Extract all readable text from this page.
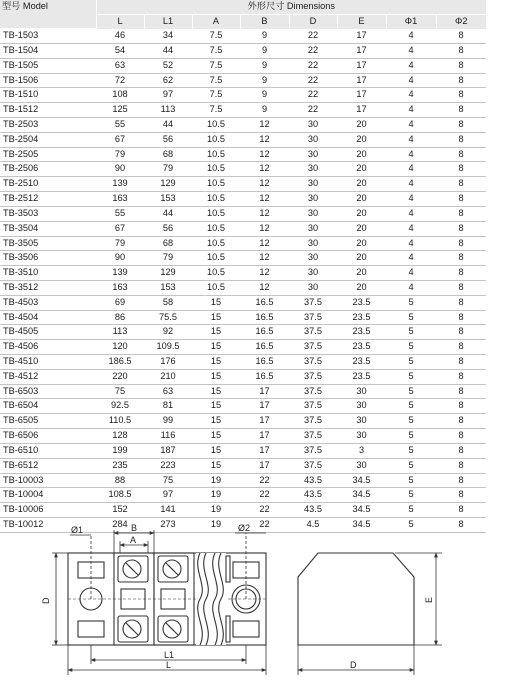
型号 Model	外形尺寸 Dimensions							
	L	L1	A	B	D	E	Φ1	Φ2
TB-1503	46	34	7.5	9	22	17	4	8
TB-1504	54	44	7.5	9	22	17	4	8
TB-1505	63	52	7.5	9	22	17	4	8
TB-1506	72	62	7.5	9	22	17	4	8
TB-1510	108	97	7.5	9	22	17	4	8
TB-1512	125	113	7.5	9	22	17	4	8
TB-2503	55	44	10.5	12	30	20	4	8
TB-2504	67	56	10.5	12	30	20	4	8
TB-2505	79	68	10.5	12	30	20	4	8
TB-2506	90	79	10.5	12	30	20	4	8
TB-2510	139	129	10.5	12	30	20	4	8
TB-2512	163	153	10.5	12	30	20	4	8
TB-3503	55	44	10.5	12	30	20	4	8
TB-3504	67	56	10.5	12	30	20	4	8
TB-3505	79	68	10.5	12	30	20	4	8
TB-3506	90	79	10.5	12	30	20	4	8
TB-3510	139	129	10.5	12	30	20	4	8
TB-3512	163	153	10.5	12	30	20	4	8
TB-4503	69	58	15	16.5	37.5	23.5	5	8
TB-4504	86	75.5	15	16.5	37.5	23.5	5	8
TB-4505	113	92	15	16.5	37.5	23.5	5	8
TB-4506	120	109.5	15	16.5	37.5	23.5	5	8
TB-4510	186.5	176	15	16.5	37.5	23.5	5	8
TB-4512	220	210	15	16.5	37.5	23.5	5	8
TB-6503	75	63	15	17	37.5	30	5	8
TB-6504	92.5	81	15	17	37.5	30	5	8
TB-6505	110.5	99	15	17	37.5	30	5	8
TB-6506	128	116	15	17	37.5	30	5	8
TB-6510	199	187	15	17	37.5	3	5	8
TB-6512	235	223	15	17	37.5	30	5	8
TB-10003	88	75	19	22	43.5	34.5	5	8
TB-10004	108.5	97	19	22	43.5	34.5	5	8
TB-10006	152	141	19	22	43.5	34.5	5	8
TB-10012	284	273	19	22	4.5	34.5	5	8
Ø1	Ø2
B
A
D
L1
L
E
D
